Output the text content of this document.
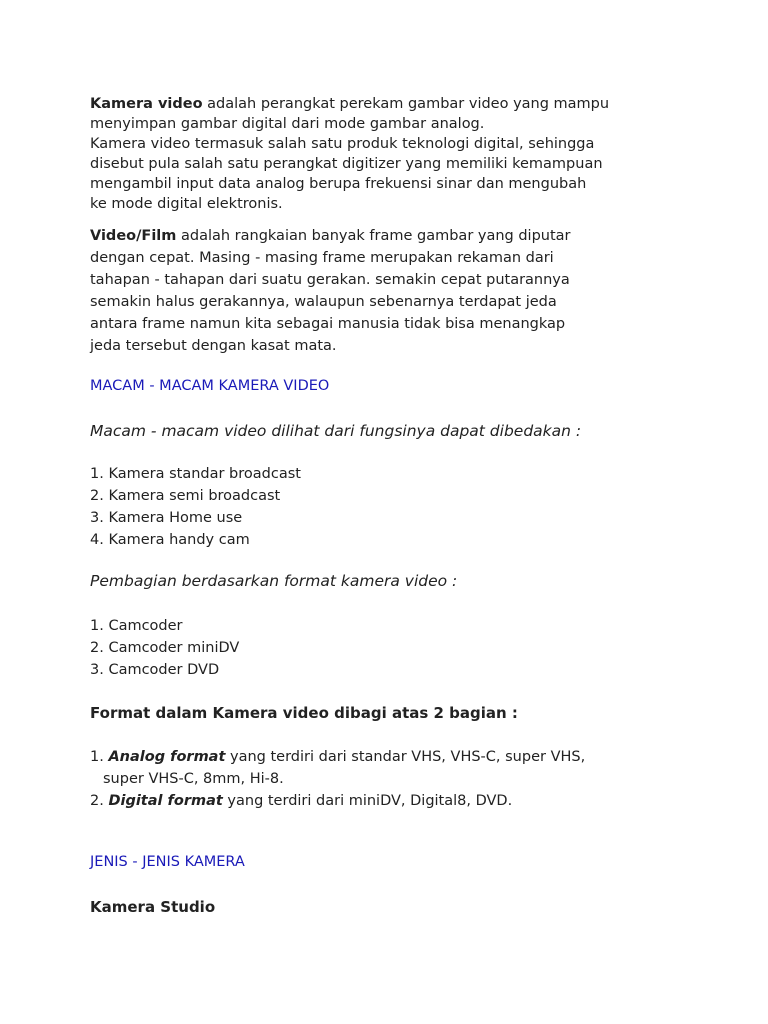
Kamera video adalah perangkat perekam gambar video yang mampu
menyimpan gambar digital dari mode gambar analog.
Kamera video termasuk salah satu produk teknologi digital, sehingga
disebut pula salah satu perangkat digitizer yang memiliki kemampuan
mengambil input data analog berupa frekuensi sinar dan mengubah
ke mode digital elektronis.

Video/Film adalah rangkaian banyak frame gambar yang diputar
dengan cepat. Masing - masing frame merupakan rekaman dari
tahapan - tahapan dari suatu gerakan. semakin cepat putarannya
semakin halus gerakannya, walaupun sebenarnya terdapat jeda
antara frame namun kita sebagai manusia tidak bisa menangkap
jeda tersebut dengan kasat mata.

MACAM - MACAM KAMERA VIDEO
Macam - macam video dilihat dari fungsinya dapat dibedakan :
1. Kamera standar broadcast
2. Kamera semi broadcast
3. Kamera Home use
4. Kamera handy cam
Pembagian berdasarkan format kamera video :
1. Camcoder
2. Camcoder miniDV
3. Camcoder DVD
Format dalam Kamera video dibagi atas 2 bagian :
1. Analog format yang terdiri dari standar VHS, VHS-C, super VHS,
super VHS-C, 8mm, Hi-8.
2. Digital format yang terdiri dari miniDV, Digital8, DVD.
JENIS - JENIS KAMERA
Kamera Studio
